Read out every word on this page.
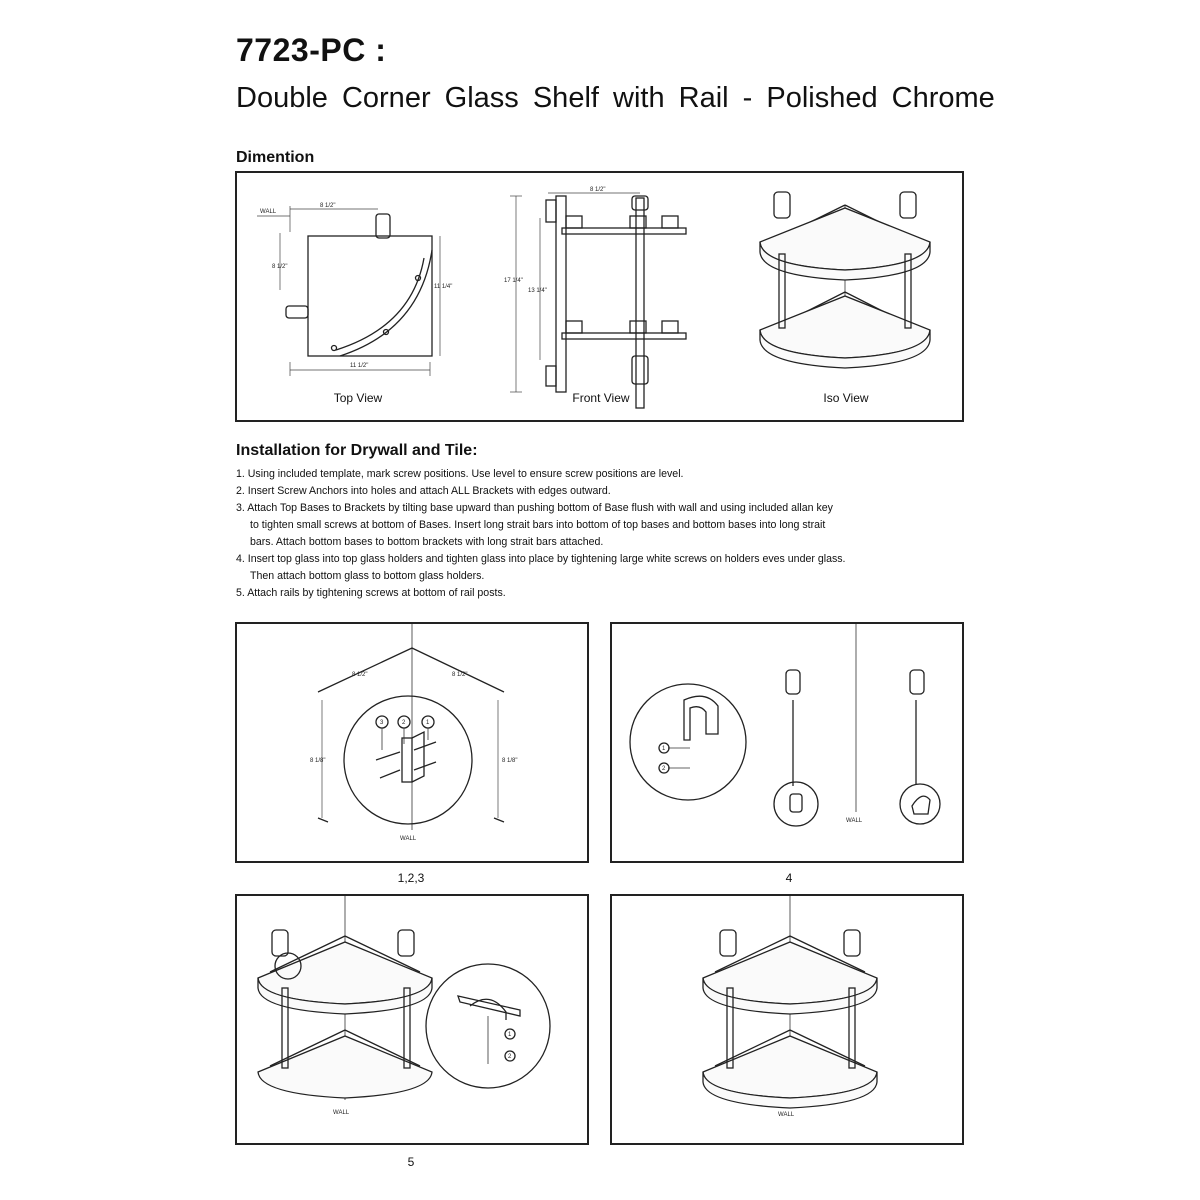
7723-PC :
Double Corner Glass Shelf with Rail - Polished Chrome
Dimention
WALL
8 1/2"
8 1/2"
11 1/4"
11 1/2"
8 1/2"
17 1/4"
13 1/4"
3	2	1
8 1/2"	8 1/2"
8 1/8"	8 1/8"
WALL
1
2
WALL
1
2
WALL	WALL
Top View	Front View	Iso View
Installation for Drywall and Tile:
1. Using included template, mark screw positions. Use level to ensure screw positions are level.
2. Insert Screw Anchors into holes and attach ALL Brackets with edges outward.
3. Attach Top Bases to Brackets by tilting base upward than pushing bottom of Base flush with wall and using included allan key
to tighten small screws at bottom of Bases. Insert long strait bars into bottom of top bases and bottom bases into long strait
bars. Attach bottom bases to bottom brackets with long strait bars attached.
4. Insert top glass into top glass holders and tighten glass into place by tightening large white screws on holders eves under glass.
Then attach bottom glass to bottom glass holders.
5. Attach rails by tightening screws at bottom of rail posts.
1,2,3	4
5
